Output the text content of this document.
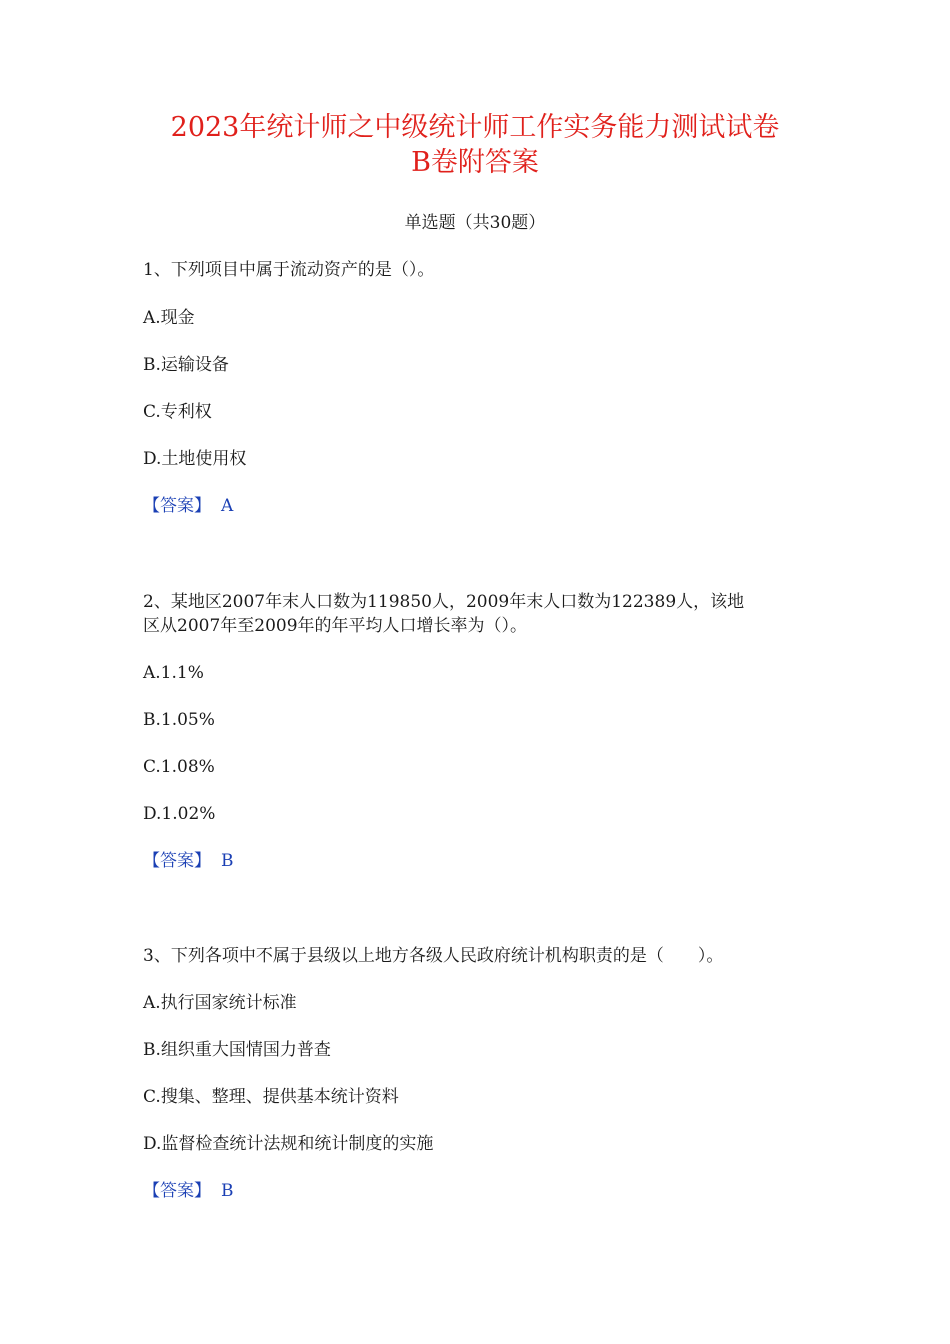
2023年统计师之中级统计师工作实务能力测试试卷
B卷附答案
单选题（共30题）
1、下列项目中属于流动资产的是（）。
A.现金
B.运输设备
C.专利权
D.土地使用权
【答案】 A
2、某地区2007年末人口数为119850人，2009年末人口数为122389人，该地
区从2007年至2009年的年平均人口增长率为（）。
A.1.1%
B.1.05%
C.1.08%
D.1.02%
【答案】 B
3、下列各项中不属于县级以上地方各级人民政府统计机构职责的是（　　）。
A.执行国家统计标准
B.组织重大国情国力普查
C.搜集、整理、提供基本统计资料
D.监督检查统计法规和统计制度的实施
【答案】 B
